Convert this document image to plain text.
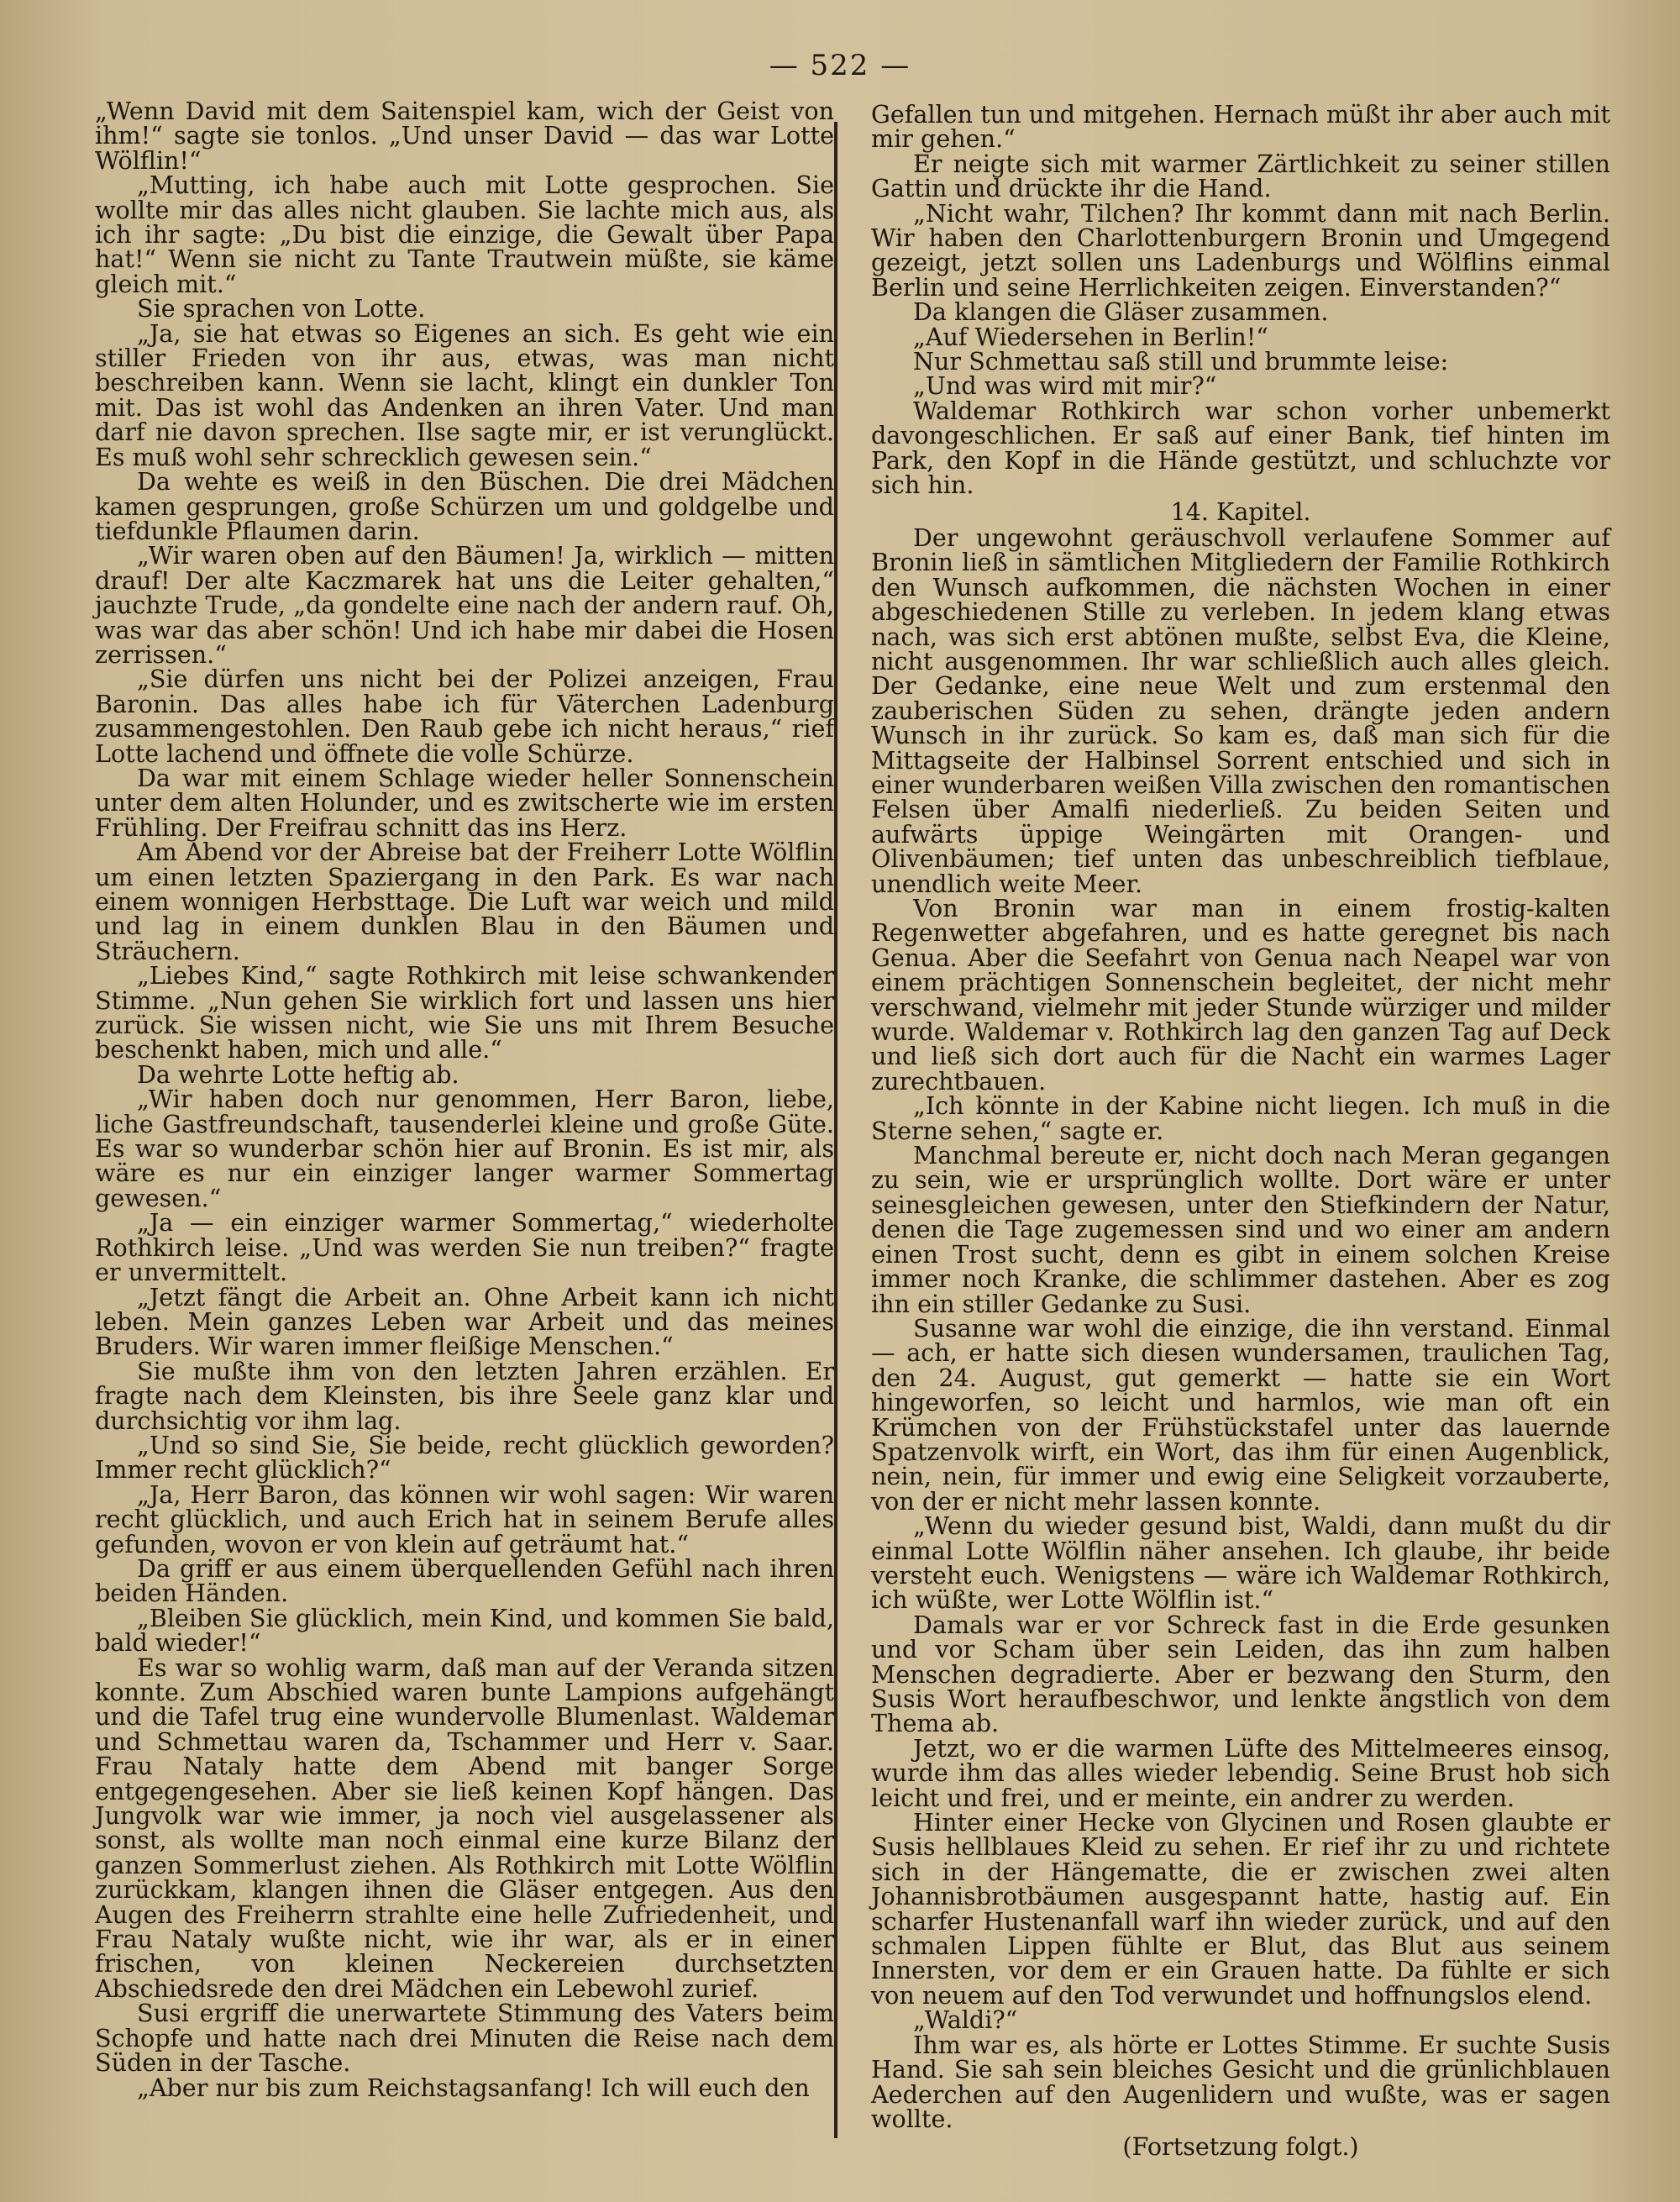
— 522 —

„Wenn David mit dem Saitenspiel kam, wich der Geist von ihm!“ sagte sie tonlos. „Und unser David — das war Lotte Wölflin!“

„Mutting, ich habe auch mit Lotte gesprochen. Sie wollte mir das alles nicht glauben. Sie lachte mich aus, als ich ihr sagte: „Du bist die einzige, die Gewalt über Papa hat!“ Wenn sie nicht zu Tante Trautwein müßte, sie käme gleich mit.“

Sie sprachen von Lotte.

„Ja, sie hat etwas so Eigenes an sich. Es geht wie ein stiller Frieden von ihr aus, etwas, was man nicht beschreiben kann. Wenn sie lacht, klingt ein dunkler Ton mit. Das ist wohl das Andenken an ihren Vater. Und man darf nie davon sprechen. Ilse sagte mir, er ist verunglückt. Es muß wohl sehr schrecklich gewesen sein.“

Da wehte es weiß in den Büschen. Die drei Mädchen kamen gesprungen, große Schürzen um und goldgelbe und tiefdunkle Pflaumen darin.

„Wir waren oben auf den Bäumen! Ja, wirklich — mitten drauf! Der alte Kaczmarek hat uns die Leiter gehalten,“ jauchzte Trude, „da gondelte eine nach der andern rauf. Oh, was war das aber schön! Und ich habe mir dabei die Hosen zerrissen.“

„Sie dürfen uns nicht bei der Polizei anzeigen, Frau Baronin. Das alles habe ich für Väterchen Ladenburg zusammengestohlen. Den Raub gebe ich nicht heraus,“ rief Lotte lachend und öffnete die volle Schürze.

Da war mit einem Schlage wieder heller Sonnenschein unter dem alten Holunder, und es zwitscherte wie im ersten Frühling. Der Freifrau schnitt das ins Herz.

Am Abend vor der Abreise bat der Freiherr Lotte Wölflin um einen letzten Spaziergang in den Park. Es war nach einem wonnigen Herbsttage. Die Luft war weich und mild und lag in einem dunklen Blau in den Bäumen und Sträuchern.

„Liebes Kind,“ sagte Rothkirch mit leise schwankender Stimme. „Nun gehen Sie wirklich fort und lassen uns hier zurück. Sie wissen nicht, wie Sie uns mit Ihrem Besuche beschenkt haben, mich und alle.“

Da wehrte Lotte heftig ab.

„Wir haben doch nur genommen, Herr Baron, liebe, liche Gastfreundschaft, tausenderlei kleine und große Güte. Es war so wunderbar schön hier auf Bronin. Es ist mir, als wäre es nur ein einziger langer warmer Sommertag gewesen.“

„Ja — ein einziger warmer Sommertag,“ wiederholte Rothkirch leise. „Und was werden Sie nun treiben?“ fragte er unvermittelt.

„Jetzt fängt die Arbeit an. Ohne Arbeit kann ich nicht leben. Mein ganzes Leben war Arbeit und das meines Bruders. Wir waren immer fleißige Menschen.“

Sie mußte ihm von den letzten Jahren erzählen. Er fragte nach dem Kleinsten, bis ihre Seele ganz klar und durchsichtig vor ihm lag.

„Und so sind Sie, Sie beide, recht glücklich geworden? Immer recht glücklich?“

„Ja, Herr Baron, das können wir wohl sagen: Wir waren recht glücklich, und auch Erich hat in seinem Berufe alles gefunden, wovon er von klein auf geträumt hat.“

Da griff er aus einem überquellenden Gefühl nach ihren beiden Händen.

„Bleiben Sie glücklich, mein Kind, und kommen Sie bald, bald wieder!“

Es war so wohlig warm, daß man auf der Veranda sitzen konnte. Zum Abschied waren bunte Lampions aufgehängt und die Tafel trug eine wundervolle Blumenlast. Waldemar und Schmettau waren da, Tschammer und Herr v. Saar. Frau Nataly hatte dem Abend mit banger Sorge entgegengesehen. Aber sie ließ keinen Kopf hängen. Das Jungvolk war wie immer, ja noch viel ausgelassener als sonst, als wollte man noch einmal eine kurze Bilanz der ganzen Sommerlust ziehen. Als Rothkirch mit Lotte Wölflin zurückkam, klangen ihnen die Gläser entgegen. Aus den Augen des Freiherrn strahlte eine helle Zufriedenheit, und Frau Nataly wußte nicht, wie ihr war, als er in einer frischen, von kleinen Neckereien durchsetzten Abschiedsrede den drei Mädchen ein Lebewohl zurief.

Susi ergriff die unerwartete Stimmung des Vaters beim Schopfe und hatte nach drei Minuten die Reise nach dem Süden in der Tasche.

„Aber nur bis zum Reichstagsanfang! Ich will euch den

Gefallen tun und mitgehen. Hernach müßt ihr aber auch mit mir gehen.“

Er neigte sich mit warmer Zärtlichkeit zu seiner stillen Gattin und drückte ihr die Hand.

„Nicht wahr, Tilchen? Ihr kommt dann mit nach Berlin. Wir haben den Charlottenburgern Bronin und Umgegend gezeigt, jetzt sollen uns Ladenburgs und Wölflins einmal Berlin und seine Herrlichkeiten zeigen. Einverstanden?“

Da klangen die Gläser zusammen.

„Auf Wiedersehen in Berlin!“

Nur Schmettau saß still und brummte leise:

„Und was wird mit mir?“

Waldemar Rothkirch war schon vorher unbemerkt davongeschlichen. Er saß auf einer Bank, tief hinten im Park, den Kopf in die Hände gestützt, und schluchzte vor sich hin.

14. Kapitel.

Der ungewohnt geräuschvoll verlaufene Sommer auf Bronin ließ in sämtlichen Mitgliedern der Familie Rothkirch den Wunsch aufkommen, die nächsten Wochen in einer abgeschiedenen Stille zu verleben. In jedem klang etwas nach, was sich erst abtönen mußte, selbst Eva, die Kleine, nicht ausgenommen. Ihr war schließlich auch alles gleich. Der Gedanke, eine neue Welt und zum erstenmal den zauberischen Süden zu sehen, drängte jeden andern Wunsch in ihr zurück. So kam es, daß man sich für die Mittagseite der Halbinsel Sorrent entschied und sich in einer wunderbaren weißen Villa zwischen den romantischen Felsen über Amalfi niederließ. Zu beiden Seiten und aufwärts üppige Weingärten mit Orangen- und Olivenbäumen; tief unten das unbeschreiblich tiefblaue, unendlich weite Meer.

Von Bronin war man in einem frostig-kalten Regenwetter abgefahren, und es hatte geregnet bis nach Genua. Aber die Seefahrt von Genua nach Neapel war von einem prächtigen Sonnenschein begleitet, der nicht mehr verschwand, vielmehr mit jeder Stunde würziger und milder wurde. Waldemar v. Rothkirch lag den ganzen Tag auf Deck und ließ sich dort auch für die Nacht ein warmes Lager zurechtbauen.

„Ich könnte in der Kabine nicht liegen. Ich muß in die Sterne sehen,“ sagte er.

Manchmal bereute er, nicht doch nach Meran gegangen zu sein, wie er ursprünglich wollte. Dort wäre er unter seinesgleichen gewesen, unter den Stiefkindern der Natur, denen die Tage zugemessen sind und wo einer am andern einen Trost sucht, denn es gibt in einem solchen Kreise immer noch Kranke, die schlimmer dastehen. Aber es zog ihn ein stiller Gedanke zu Susi.

Susanne war wohl die einzige, die ihn verstand. Einmal — ach, er hatte sich diesen wundersamen, traulichen Tag, den 24. August, gut gemerkt — hatte sie ein Wort hingeworfen, so leicht und harmlos, wie man oft ein Krümchen von der Frühstückstafel unter das lauernde Spatzenvolk wirft, ein Wort, das ihm für einen Augenblick, nein, nein, für immer und ewig eine Seligkeit vorzauberte, von der er nicht mehr lassen konnte.

„Wenn du wieder gesund bist, Waldi, dann mußt du dir einmal Lotte Wölflin näher ansehen. Ich glaube, ihr beide versteht euch. Wenigstens — wäre ich Waldemar Rothkirch, ich wüßte, wer Lotte Wölflin ist.“

Damals war er vor Schreck fast in die Erde gesunken und vor Scham über sein Leiden, das ihn zum halben Menschen degradierte. Aber er bezwang den Sturm, den Susis Wort heraufbeschwor, und lenkte ängstlich von dem Thema ab.

Jetzt, wo er die warmen Lüfte des Mittelmeeres einsog, wurde ihm das alles wieder lebendig. Seine Brust hob sich leicht und frei, und er meinte, ein andrer zu werden.

Hinter einer Hecke von Glycinen und Rosen glaubte er Susis hellblaues Kleid zu sehen. Er rief ihr zu und richtete sich in der Hängematte, die er zwischen zwei alten Johannisbrotbäumen ausgespannt hatte, hastig auf. Ein scharfer Hustenanfall warf ihn wieder zurück, und auf den schmalen Lippen fühlte er Blut, das Blut aus seinem Innersten, vor dem er ein Grauen hatte. Da fühlte er sich von neuem auf den Tod verwundet und hoffnungslos elend.

„Waldi?“

Ihm war es, als hörte er Lottes Stimme. Er suchte Susis Hand. Sie sah sein bleiches Gesicht und die grünlichblauen Aederchen auf den Augenlidern und wußte, was er sagen wollte.

(Fortsetzung folgt.)
